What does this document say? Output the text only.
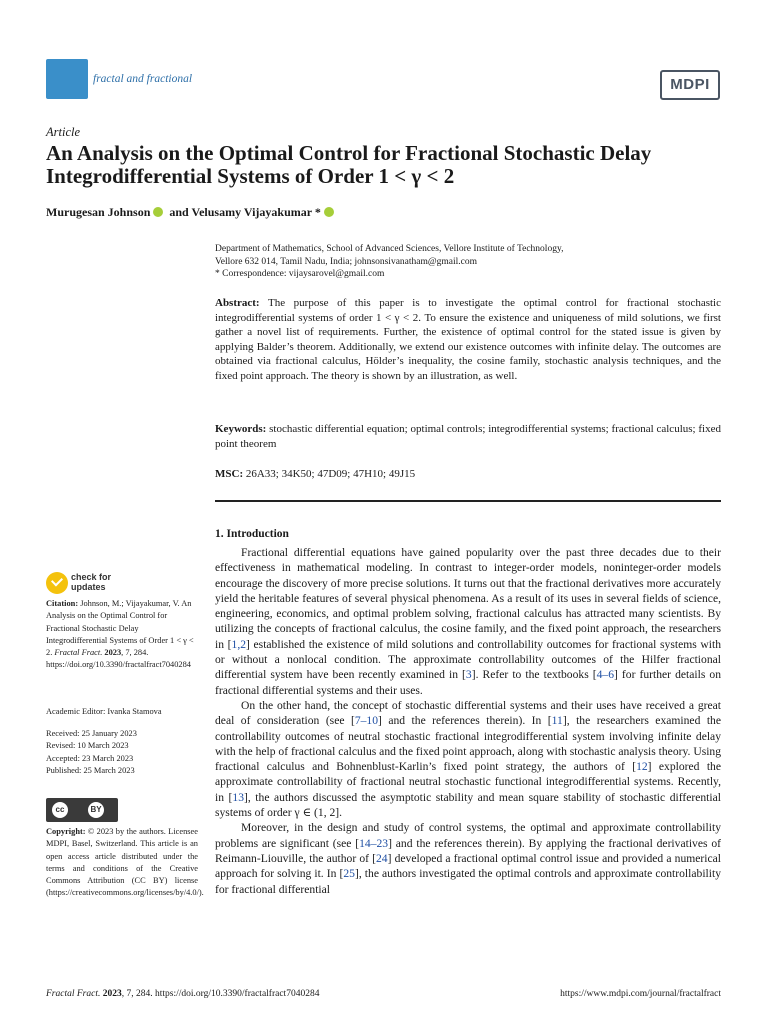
fractal and fractional	MDPI
Article
An Analysis on the Optimal Control for Fractional Stochastic Delay Integrodifferential Systems of Order 1 < γ < 2
Murugesan Johnson and Velusamy Vijayakumar *
Department of Mathematics, School of Advanced Sciences, Vellore Institute of Technology,
Vellore 632 014, Tamil Nadu, India; johnsonsivanatham@gmail.com
* Correspondence: vijaysarovel@gmail.com
Abstract: The purpose of this paper is to investigate the optimal control for fractional stochastic integrodifferential systems of order 1 < γ < 2. To ensure the existence and uniqueness of mild solutions, we first gather a novel list of requirements. Further, the existence of optimal control for the stated issue is given by applying Balder’s theorem. Additionally, we extend our existence outcomes with infinite delay. The outcomes are obtained via fractional calculus, Hölder’s inequality, the cosine family, stochastic analysis techniques, and the fixed point approach. The theory is shown by an illustration, as well.
Keywords: stochastic differential equation; optimal controls; integrodifferential systems; fractional calculus; fixed point theorem
MSC: 26A33; 34K50; 47D09; 47H10; 49J15
1. Introduction

Fractional differential equations have gained popularity over the past three decades due to their effectiveness in mathematical modeling. In contrast to integer-order models, noninteger-order models encourage the discovery of more precise solutions. It turns out that the fractional derivatives more accurately yield the heritable features of several physical phenomena. As a result of its uses in several fields of science, engineering, economics, and optimal problem solving, fractional calculus has attracted many scientists. By utilizing the concepts of fractional calculus, the cosine family, and the fixed point approach, the researchers in [1,2] established the existence of mild solutions and controllability outcomes for fractional systems with or without a nonlocal condition. The approximate controllability outcomes of the Hilfer fractional differential system have been recently examined in [3]. Refer to the textbooks [4–6] for further details on fractional differential systems and their uses.

On the other hand, the concept of stochastic differential systems and their uses have received a great deal of consideration (see [7–10] and the references therein). In [11], the researchers examined the controllability outcomes of neutral stochastic fractional integrodifferential system involving infinite delay with the help of fractional calculus and the fixed point approach, along with stochastic analysis theory. Using fractional calculus and Bohnenblust-Karlin’s fixed point strategy, the authors of [12] explored the approximate controllability of fractional neutral stochastic functional integrodifferential systems. Recently, in [13], the authors discussed the asymptotic stability and mean square stability of stochastic differential systems of order γ ∈ (1, 2].

Moreover, in the design and study of control systems, the optimal and approximate controllability problems are significant (see [14–23] and the references therein). By applying the fractional derivatives of Reimann-Liouville, the author of [24] developed a fractional optimal control issue and provided a numerical approach for solving it. In [25], the authors investigated the optimal controls and approximate controllability for fractional differential

check for
updates
Citation: Johnson, M.; Vijayakumar, V. An Analysis on the Optimal Control for Fractional Stochastic Delay Integrodifferential Systems of Order 1 < γ < 2. Fractal Fract. 2023, 7, 284. https://doi.org/10.3390/fractalfract7040284
Academic Editor: Ivanka Stamova
Received: 25 January 2023
Revised: 10 March 2023
Accepted: 23 March 2023
Published: 25 March 2023
cc	BY
Copyright: © 2023 by the authors. Licensee MDPI, Basel, Switzerland. This article is an open access article distributed under the terms and conditions of the Creative Commons Attribution (CC BY) license (https://creativecommons.org/licenses/by/4.0/).
Fractal Fract. 2023, 7, 284. https://doi.org/10.3390/fractalfract7040284	https://www.mdpi.com/journal/fractalfract
